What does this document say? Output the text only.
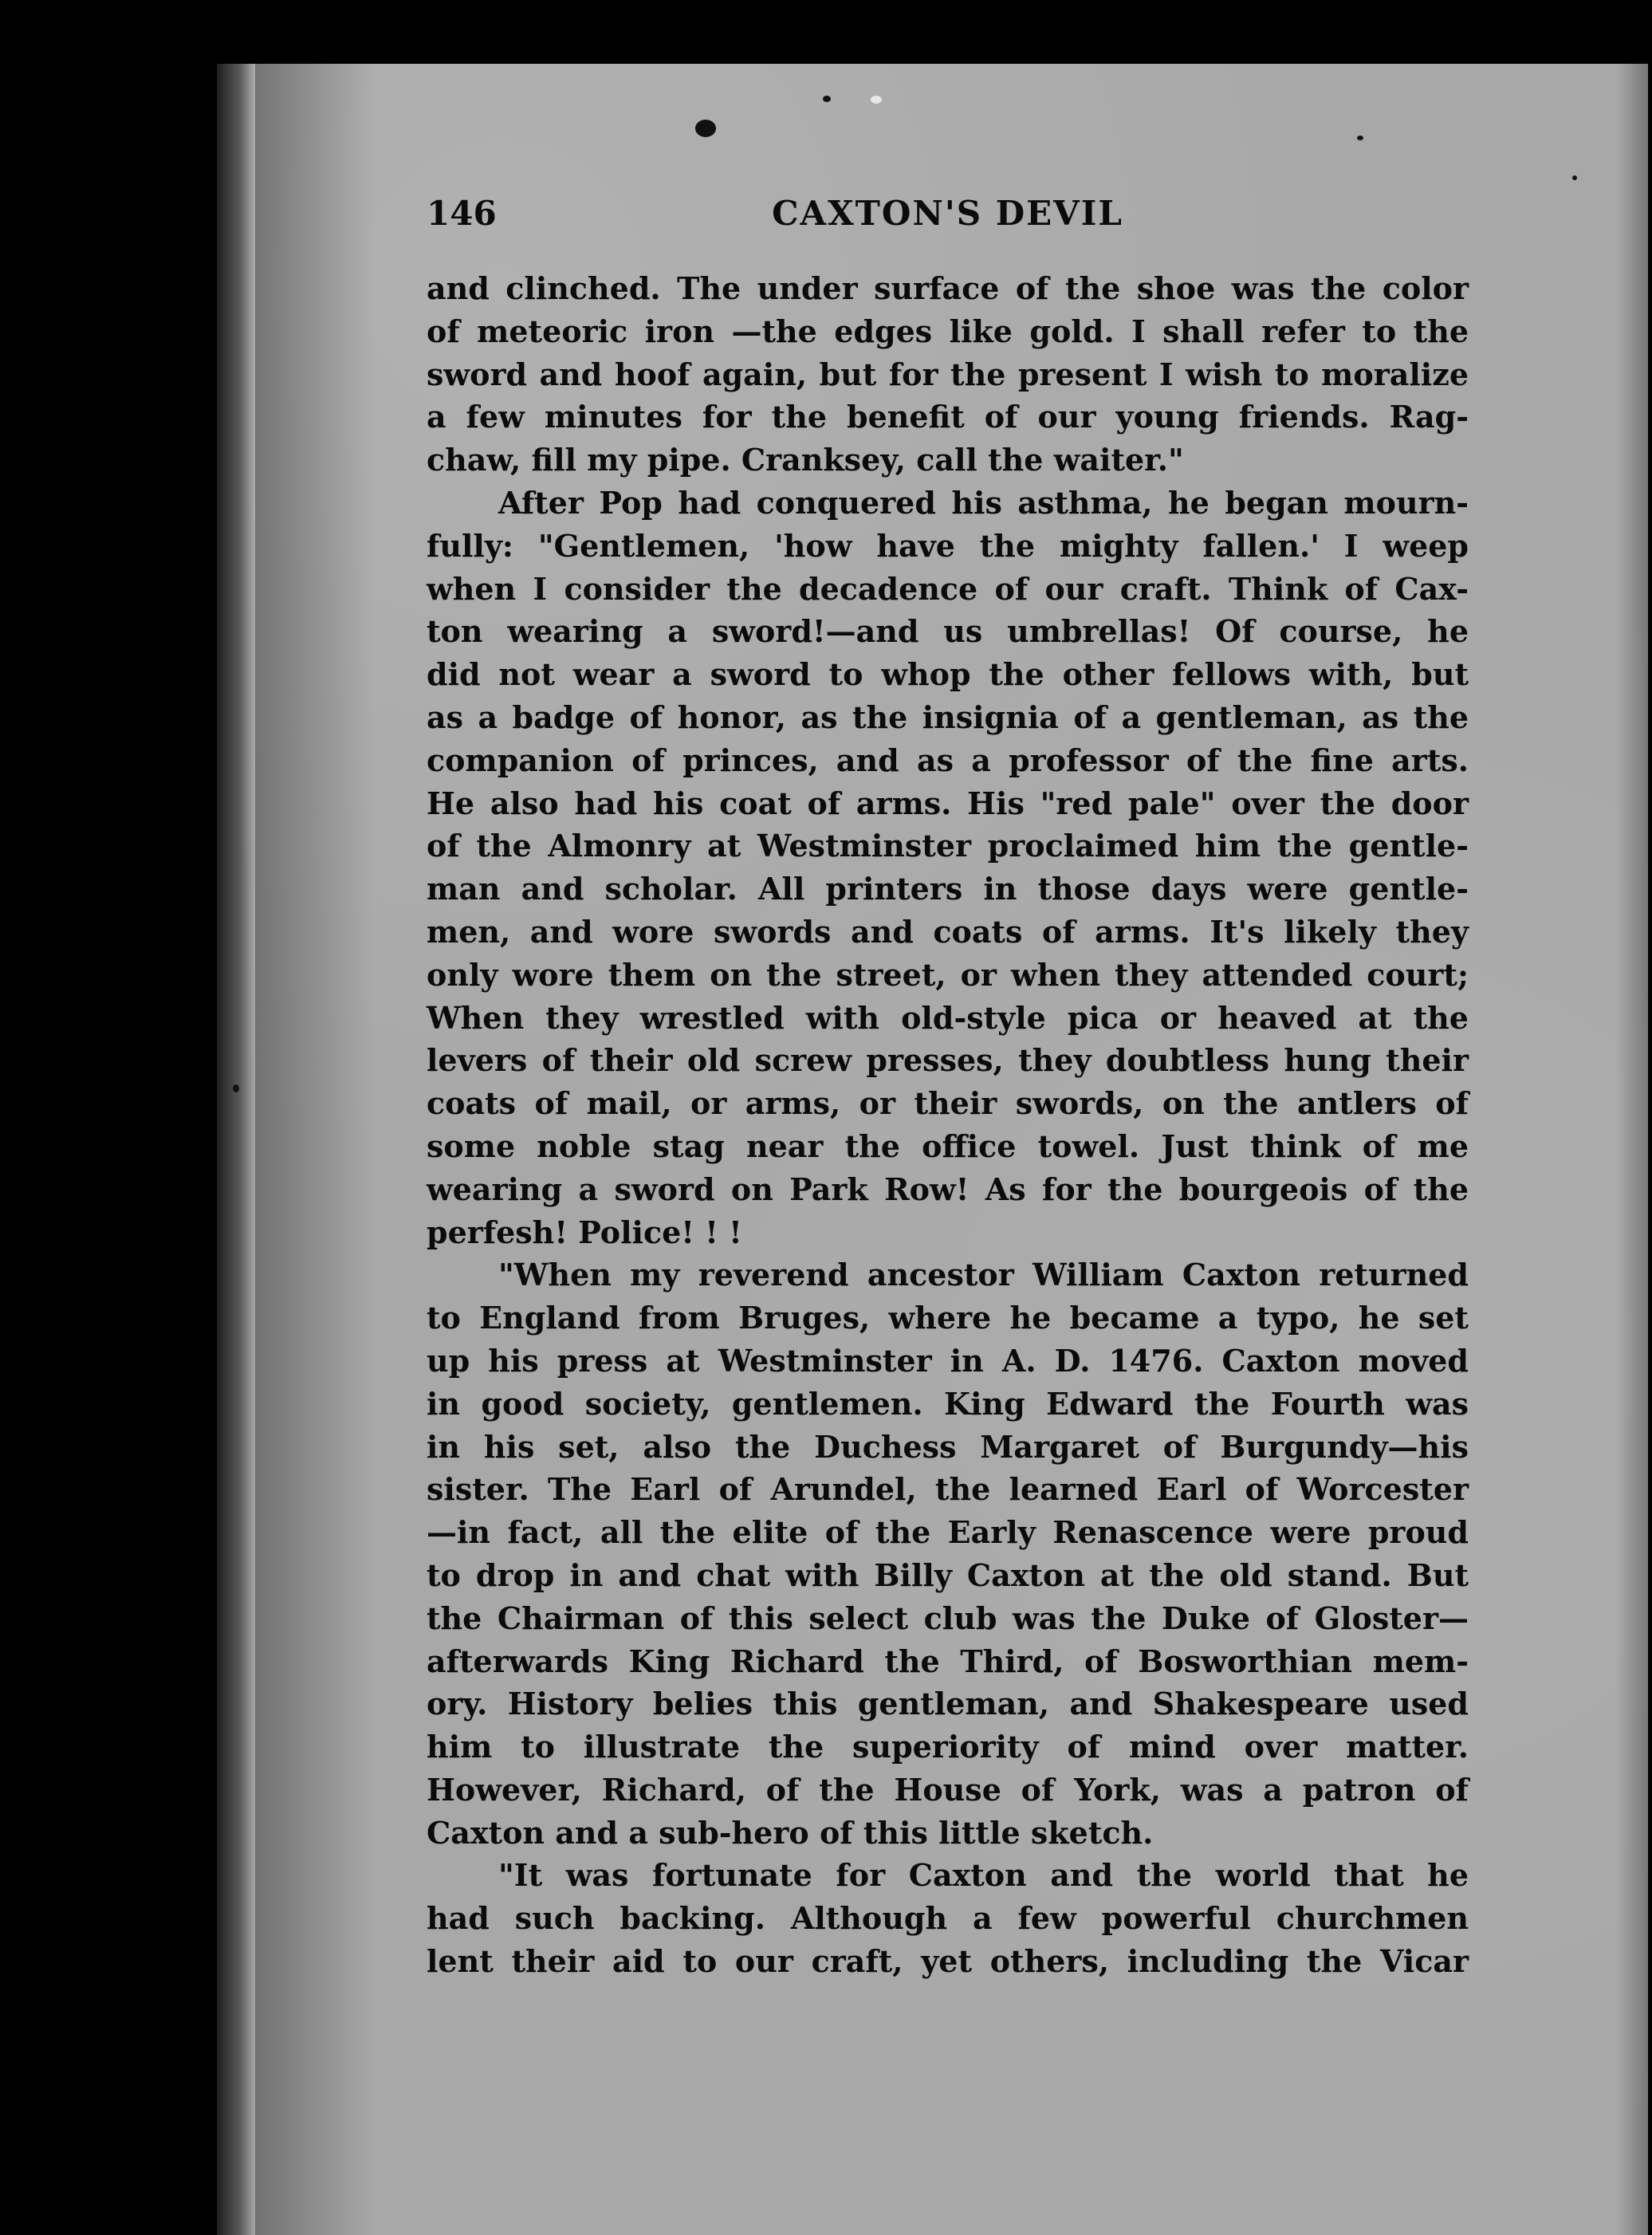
146	CAXTON'S DEVIL
and clinched. The under surface of the shoe was the color
of meteoric iron —the edges like gold. I shall refer to the
sword and hoof again, but for the present I wish to moralize
a few minutes for the benefit of our young friends. Rag-
chaw, fill my pipe. Cranksey, call the waiter."
After Pop had conquered his asthma, he began mourn-
fully: "Gentlemen, 'how have the mighty fallen.' I weep
when I consider the decadence of our craft. Think of Cax-
ton wearing a sword!—and us umbrellas! Of course, he
did not wear a sword to whop the other fellows with, but
as a badge of honor, as the insignia of a gentleman, as the
companion of princes, and as a professor of the fine arts.
He also had his coat of arms. His "red pale" over the door
of the Almonry at Westminster proclaimed him the gentle-
man and scholar. All printers in those days were gentle-
men, and wore swords and coats of arms. It's likely they
only wore them on the street, or when they attended court;
When they wrestled with old-style pica or heaved at the
levers of their old screw presses, they doubtless hung their
coats of mail, or arms, or their swords, on the antlers of
some noble stag near the office towel. Just think of me
wearing a sword on Park Row! As for the bourgeois of the
perfesh! Police! ! !
"When my reverend ancestor William Caxton returned
to England from Bruges, where he became a typo, he set
up his press at Westminster in A. D. 1476. Caxton moved
in good society, gentlemen. King Edward the Fourth was
in his set, also the Duchess Margaret of Burgundy—his
sister. The Earl of Arundel, the learned Earl of Worcester
—in fact, all the elite of the Early Renascence were proud
to drop in and chat with Billy Caxton at the old stand. But
the Chairman of this select club was the Duke of Gloster—
afterwards King Richard the Third, of Bosworthian mem-
ory. History belies this gentleman, and Shakespeare used
him to illustrate the superiority of mind over matter.
However, Richard, of the House of York, was a patron of
Caxton and a sub-hero of this little sketch.
"It was fortunate for Caxton and the world that he
had such backing. Although a few powerful churchmen
lent their aid to our craft, yet others, including the Vicar
